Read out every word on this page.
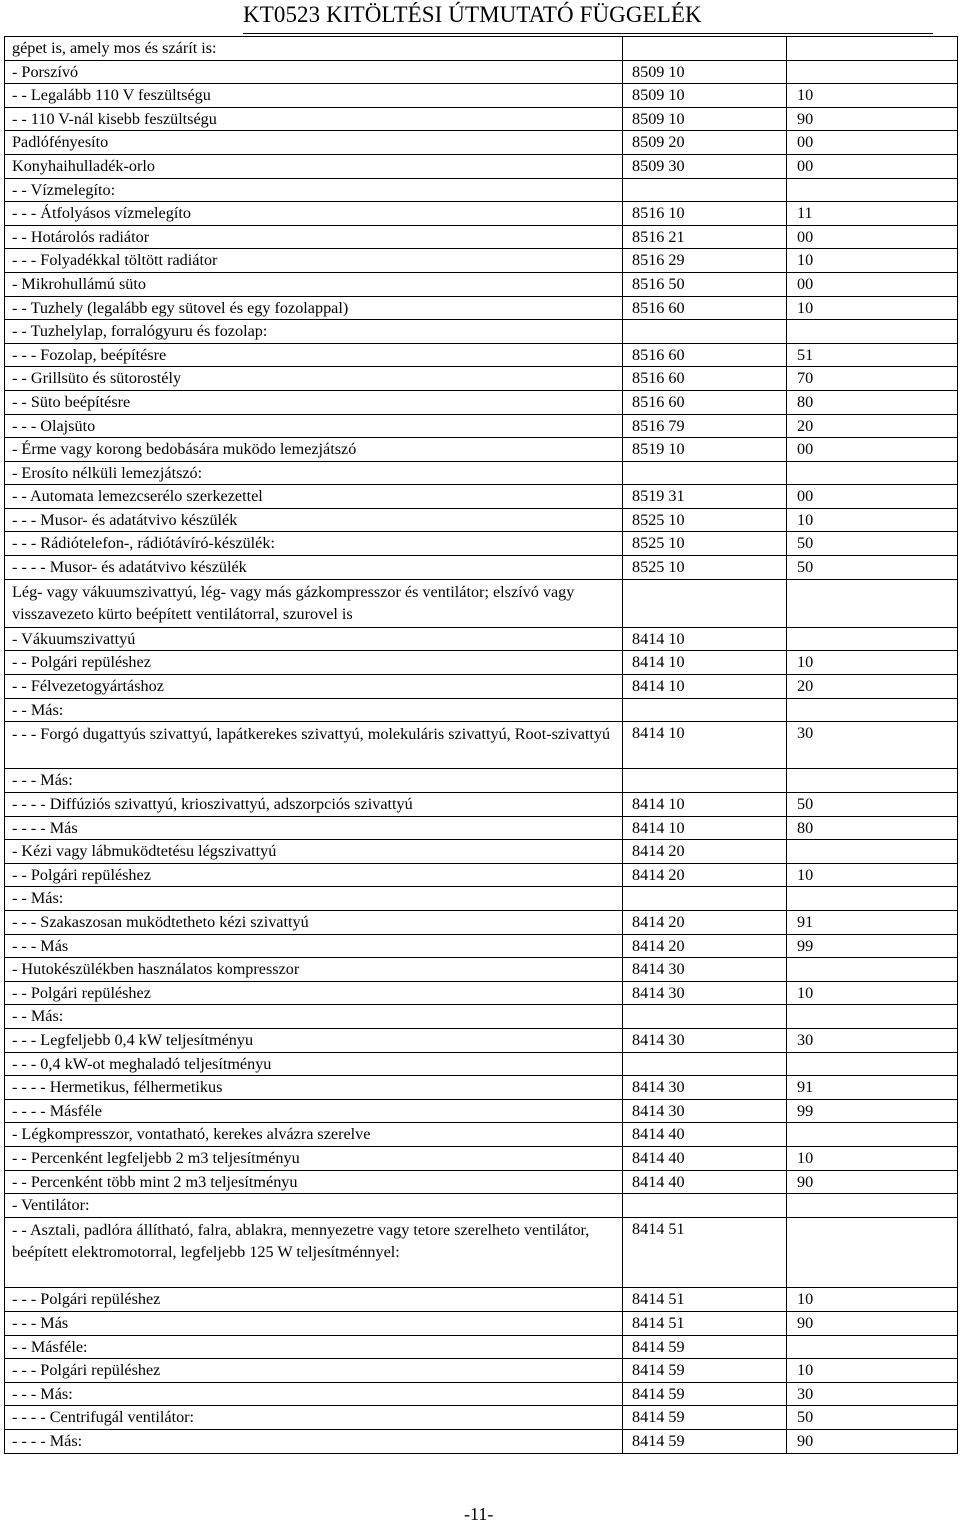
KT0523 KITÖLTÉSI ÚTMUTATÓ FÜGGELÉK
gépet is, amely mos és szárít is:		
- Porszívó	8509 10	
- - Legalább 110 V feszültségu	8509 10	10
- - 110 V-nál kisebb feszültségu	8509 10	90
Padlófényesíto	8509 20	00
Konyhaihulladék-orlo	8509 30	00
- - Vízmelegíto:		
- - - Átfolyásos vízmelegíto	8516 10	11
- - Hotárolós radiátor	8516 21	00
- - - Folyadékkal töltött radiátor	8516 29	10
- Mikrohullámú süto	8516 50	00
- - Tuzhely (legalább egy sütovel és egy fozolappal)	8516 60	10
- - Tuzhelylap, forralógyuru és fozolap:		
- - - Fozolap, beépítésre	8516 60	51
- - Grillsüto és sütorostély	8516 60	70
- - Süto beépítésre	8516 60	80
- - - Olajsüto	8516 79	20
- Érme vagy korong bedobására muködo lemezjátszó	8519 10	00
- Erosíto nélküli lemezjátszó:		
- - Automata lemezcserélo szerkezettel	8519 31	00
- - - Musor- és adatátvivo készülék	8525 10	10
- - - Rádiótelefon-, rádiótávíró-készülék:	8525 10	50
- - - - Musor- és adatátvivo készülék	8525 10	50
Lég- vagy vákuumszivattyú, lég- vagy más gázkompresszor és ventilátor; elszívó vagy visszavezeto kürto beépített ventilátorral, szurovel is		
- Vákuumszivattyú	8414 10	
- - Polgári repüléshez	8414 10	10
- - Félvezetogyártáshoz	8414 10	20
- - Más:		
- - - Forgó dugattyús szivattyú, lapátkerekes szivattyú, molekuláris szivattyú, Root-szivattyú	8414 10	30
- - - Más:		
- - - - Diffúziós szivattyú, krioszivattyú, adszorpciós szivattyú	8414 10	50
- - - - Más	8414 10	80
- Kézi vagy lábmuködtetésu légszivattyú	8414 20	
- - Polgári repüléshez	8414 20	10
- - Más:		
- - - Szakaszosan muködtetheto kézi szivattyú	8414 20	91
- - - Más	8414 20	99
- Hutokészülékben használatos kompresszor	8414 30	
- - Polgári repüléshez	8414 30	10
- - Más:		
- - - Legfeljebb 0,4 kW teljesítményu	8414 30	30
- - - 0,4 kW-ot meghaladó teljesítményu		
- - - - Hermetikus, félhermetikus	8414 30	91
- - - - Másféle	8414 30	99
- Légkompresszor, vontatható, kerekes alvázra szerelve	8414 40	
- - Percenként legfeljebb 2 m3 teljesítményu	8414 40	10
- - Percenként több mint 2 m3 teljesítményu	8414 40	90
- Ventilátor:		
- - Asztali, padlóra állítható, falra, ablakra, mennyezetre vagy tetore szerelheto ventilátor, beépített elektromotorral, legfeljebb 125 W teljesítménnyel:	8414 51	
- - - Polgári repüléshez	8414 51	10
- - - Más	8414 51	90
- - Másféle:	8414 59	
- - - Polgári repüléshez	8414 59	10
- - - Más:	8414 59	30
- - - - Centrifugál ventilátor:	8414 59	50
- - - - Más:	8414 59	90
-11-
